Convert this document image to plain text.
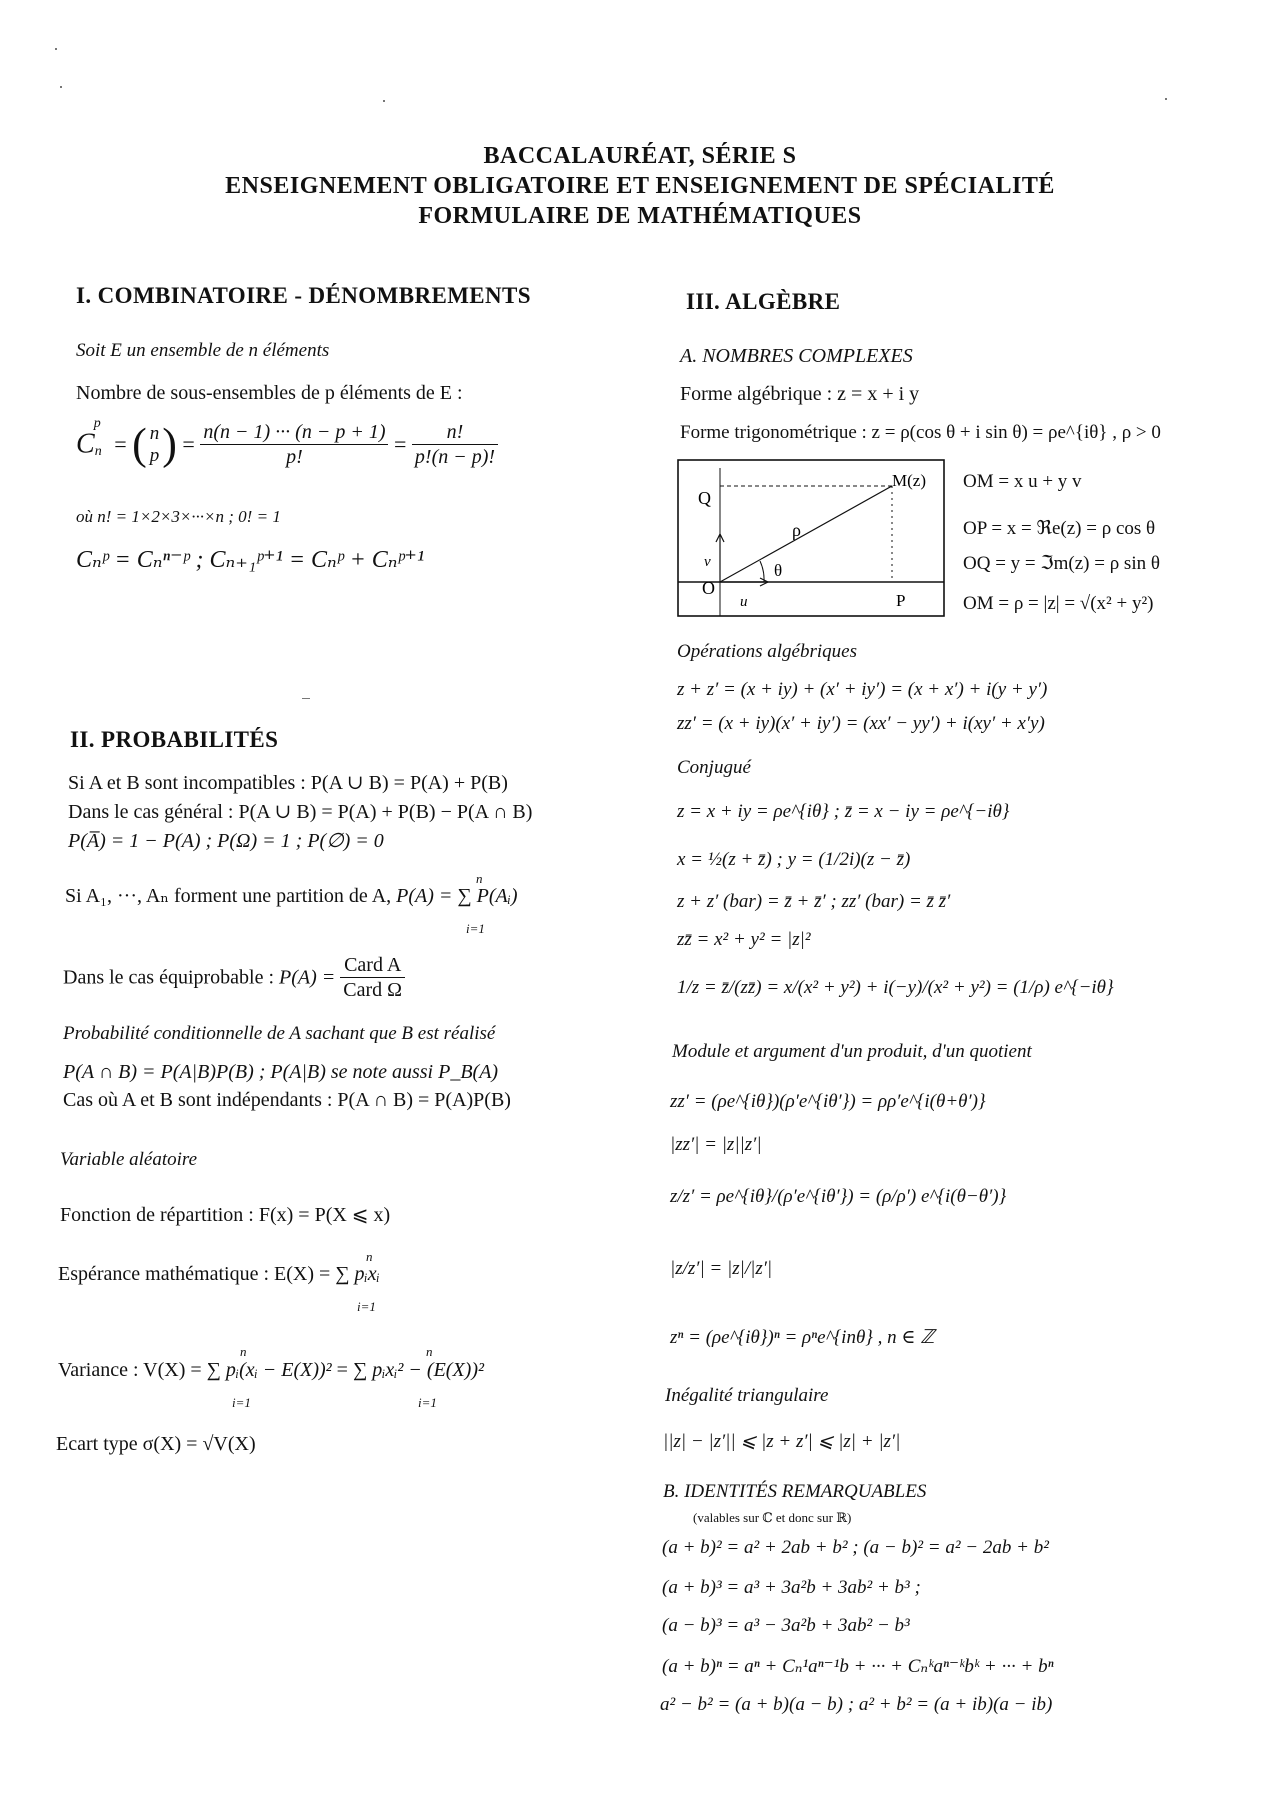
BACCALAURÉAT, SÉRIE S
ENSEIGNEMENT OBLIGATOIRE ET ENSEIGNEMENT DE SPÉCIALITÉ
FORMULAIRE DE MATHÉMATIQUES
I. COMBINATOIRE - DÉNOMBREMENTS
Soit E un ensemble de n éléments
Nombre de sous-ensembles de p éléments de E :
$C_n^p$ = ( n
p ) = $\frac{n(n - 1) \cdot\cdot\cdot (n - p + 1)}{p!} = \frac{n!}{p!(n - p)!}$
où n! = 1×2×3×···×n ; 0! = 1
Cₙᵖ = Cₙⁿ⁻ᵖ ; Cₙ₊₁ᵖ⁺¹ = Cₙᵖ + Cₙᵖ⁺¹
II. PROBABILITÉS
Si A et B sont incompatibles : P(A ∪ B) = P(A) + P(B)
Dans le cas général : P(A ∪ B) = P(A) + P(B) − P(A ∩ B)
P(A̅) = 1 − P(A) ; P(Ω) = 1 ; P(∅) = 0
Si A₁, ···, Aₙ forment une partition de A, P(A) = ∑ P(Aᵢ)
n
i=1
Dans le cas équiprobable : $P(A) = \frac{\text{Card A}}{\text{Card Ω}}$
Probabilité conditionnelle de A sachant que B est réalisé
P(A ∩ B) = P(A|B)P(B) ; P(A|B) se note aussi P_B(A)
Cas où A et B sont indépendants : P(A ∩ B) = P(A)P(B)
Variable aléatoire
Fonction de répartition : F(x) = P(X ⩽ x)
Espérance mathématique : E(X) = ∑ pᵢxᵢ
n
i=1
Variance : V(X) = ∑ pᵢ(xᵢ − E(X))² = ∑ pᵢxᵢ² − (E(X))²
n
i=1
n
i=1
Ecart type σ(X) = √V(X)
III. ALGÈBRE
A. NOMBRES COMPLEXES
Forme algébrique : z = x + i y
Forme trigonométrique : z = ρ(cos θ + i sin θ) = ρe^{iθ} , ρ > 0
Q
O
P
M(z)
ρ
θ
u
v
OM = x u + y v
OP = x = ℜe(z) = ρ cos θ
OQ = y = ℑm(z) = ρ sin θ
OM = ρ = |z| = √(x² + y²)
Opérations algébriques
z + z′ = (x + iy) + (x′ + iy′) = (x + x′) + i(y + y′)
zz′ = (x + iy)(x′ + iy′) = (xx′ − yy′) + i(xy′ + x′y)
Conjugué
z = x + iy = ρe^{iθ} ; z̄ = x − iy = ρe^{−iθ}
x = ½(z + z̄) ; y = (1/2i)(z − z̄)
z + z′ (bar) = z̄ + z̄′ ; zz′ (bar) = z̄ z̄′
zz̄ = x² + y² = |z|²
1/z = z̄/(zz̄) = x/(x² + y²) + i(−y)/(x² + y²) = (1/ρ) e^{−iθ}
Module et argument d'un produit, d'un quotient
zz′ = (ρe^{iθ})(ρ′e^{iθ′}) = ρρ′e^{i(θ+θ′)}
|zz′| = |z||z′|
z/z′ = ρe^{iθ}/(ρ′e^{iθ′}) = (ρ/ρ′) e^{i(θ−θ′)}
|z/z′| = |z|/|z′|
zⁿ = (ρe^{iθ})ⁿ = ρⁿe^{inθ} , n ∈ ℤ
Inégalité triangulaire
||z| − |z′|| ⩽ |z + z′| ⩽ |z| + |z′|
B. IDENTITÉS REMARQUABLES
(valables sur ℂ et donc sur ℝ)
(a + b)² = a² + 2ab + b² ; (a − b)² = a² − 2ab + b²
(a + b)³ = a³ + 3a²b + 3ab² + b³ ;
(a − b)³ = a³ − 3a²b + 3ab² − b³
(a + b)ⁿ = aⁿ + Cₙ¹aⁿ⁻¹b + ··· + Cₙᵏaⁿ⁻ᵏbᵏ + ··· + bⁿ
a² − b² = (a + b)(a − b) ; a² + b² = (a + ib)(a − ib)
